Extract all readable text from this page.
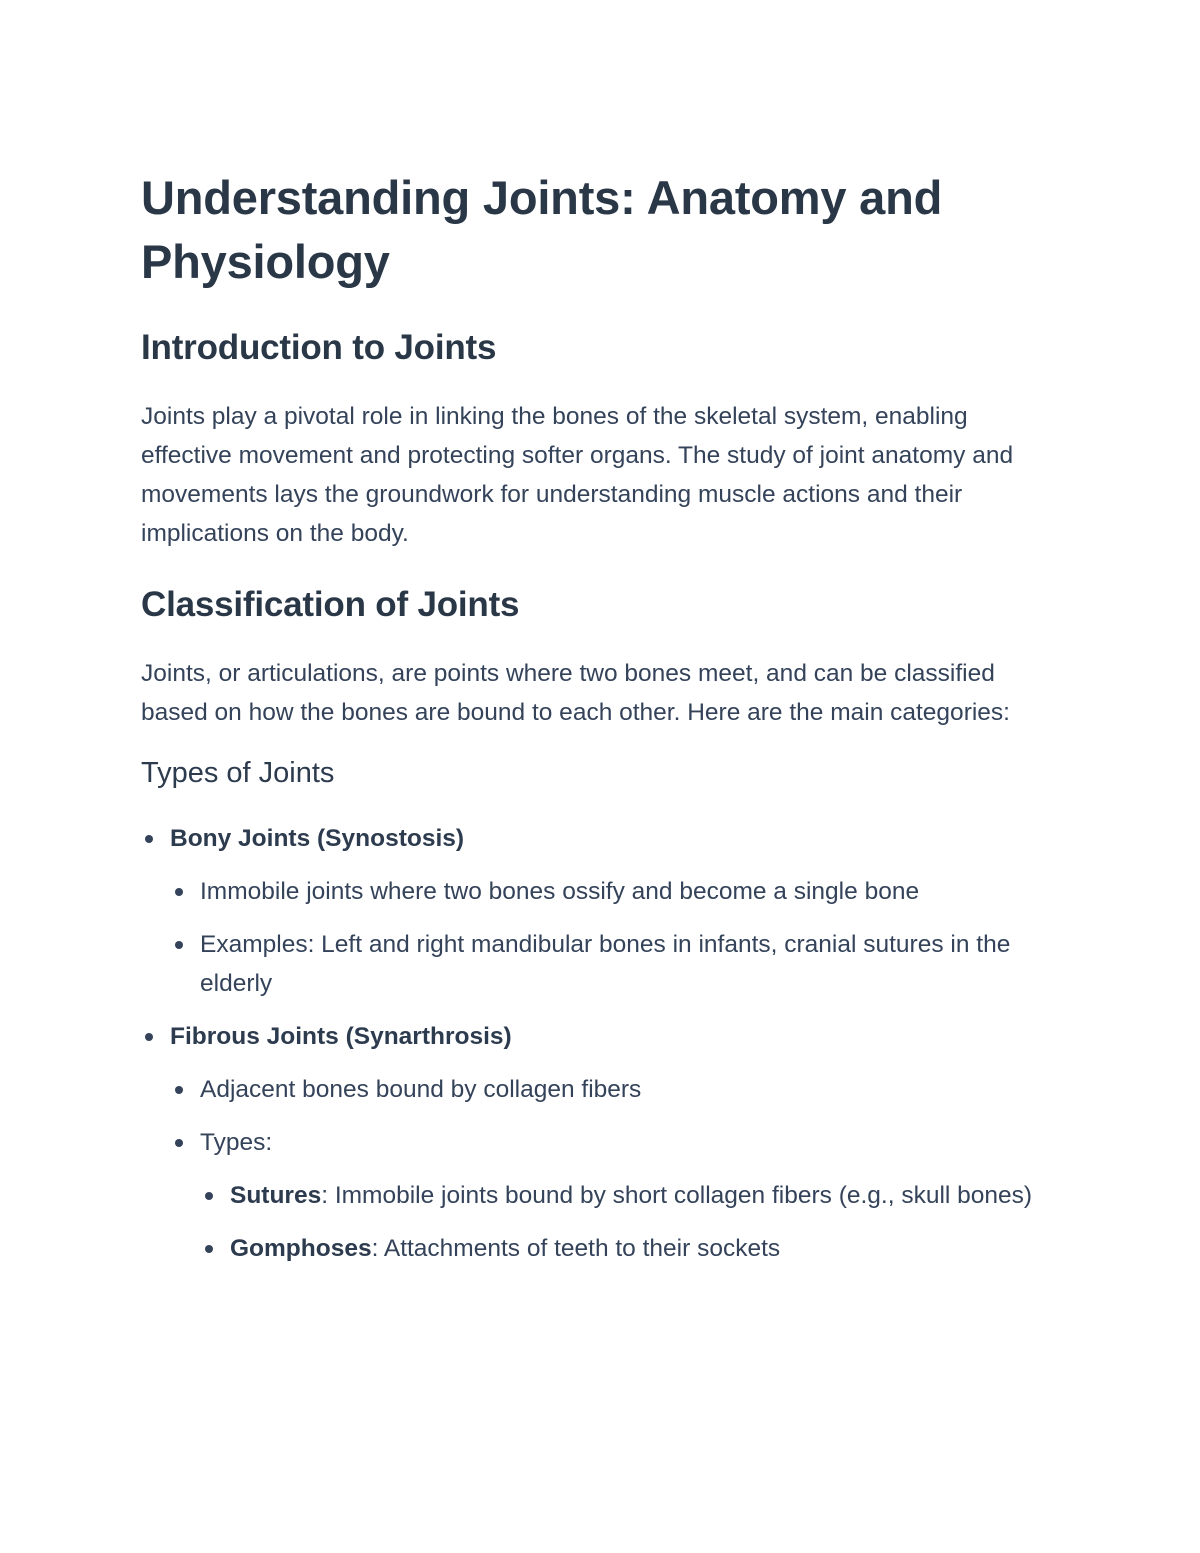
Understanding Joints: Anatomy and Physiology
Introduction to Joints

Joints play a pivotal role in linking the bones of the skeletal system, enabling effective movement and protecting softer organs. The study of joint anatomy and movements lays the groundwork for understanding muscle actions and their implications on the body.

Classification of Joints

Joints, or articulations, are points where two bones meet, and can be classified based on how the bones are bound to each other. Here are the main categories:

Types of Joints
Bony Joints (Synostosis)
Immobile joints where two bones ossify and become a single bone
Examples: Left and right mandibular bones in infants, cranial sutures in the elderly
Fibrous Joints (Synarthrosis)
Adjacent bones bound by collagen fibers
Types:
Sutures: Immobile joints bound by short collagen fibers (e.g., skull bones)
Gomphoses: Attachments of teeth to their sockets
